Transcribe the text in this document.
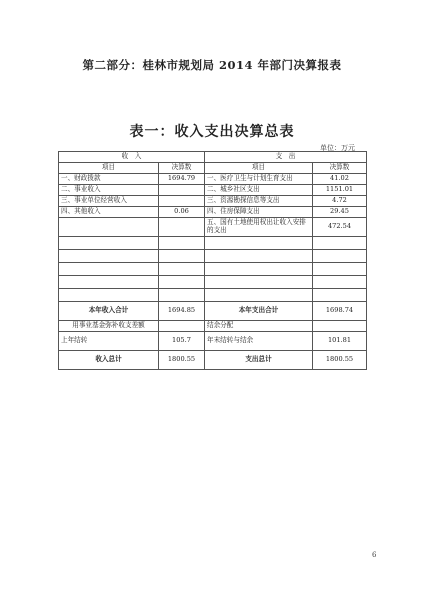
第二部分：桂林市规划局 2014 年部门决算报表
表一：收入支出决算总表
单位：万元
收　入		支　出	
项目	决算数	项目	决算数
一、财政拨款	1694.79	一、医疗卫生与计划生育支出	41.02
二、事业收入		二、城乡社区支出	1151.01
三、事业单位经营收入		三、资源勘探信息等支出	4.72
四、其他收入	0.06	四、住房保障支出	29.45
		五、国有土地使用权出让收入安排的支出	472.54

本年收入合计	1694.85	本年支出合计	1698.74
用事业基金弥补收支差额		结余分配	
上年结转	105.7	年末结转与结余	101.81
收入总计	1800.55	支出总计	1800.55
6
